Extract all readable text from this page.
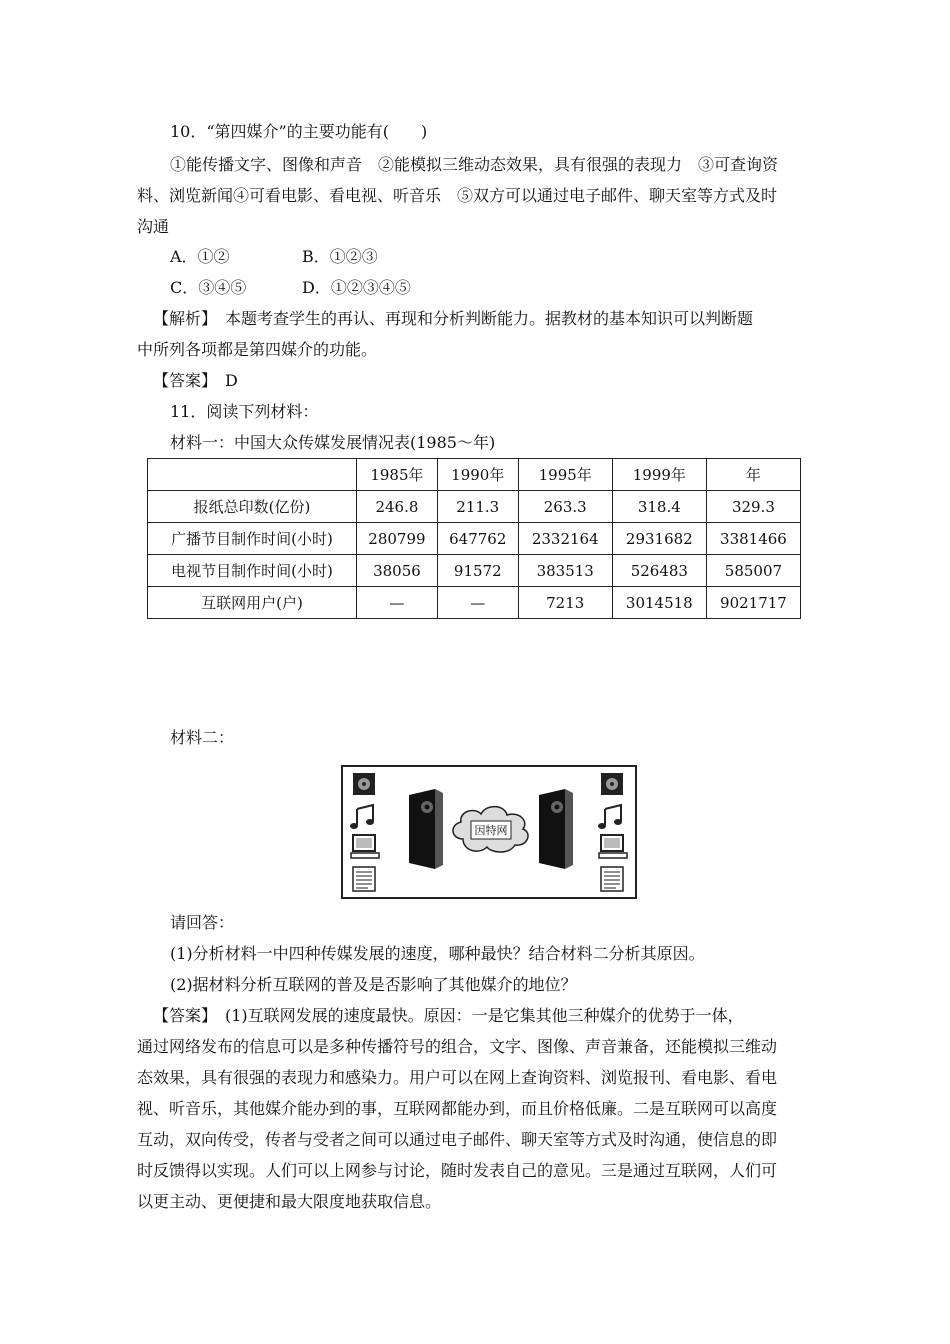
10．“第四媒介”的主要功能有(　　)
①能传播文字、图像和声音　②能模拟三维动态效果，具有很强的表现力　③可查询资
料、浏览新闻④可看电影、看电视、听音乐　⑤双方可以通过电子邮件、聊天室等方式及时
沟通
A．①②	B．①②③
C．③④⑤	D．①②③④⑤
【解析】　本题考查学生的再认、再现和分析判断能力。据教材的基本知识可以判断题
中所列各项都是第四媒介的功能。
【答案】　D
11．阅读下列材料：
材料一：中国大众传媒发展情况表(1985～年)
	1985年	1990年	1995年	1999年	年
报纸总印数(亿份)	246.8	211.3	263.3	318.4	329.3
广播节目制作时间(小时)	280799	647762	2332164	2931682	3381466
电视节目制作时间(小时)	38056	91572	383513	526483	585007
互联网用户(户)	—	—	7213	3014518	9021717
材料二：
因特网
请回答：
(1)分析材料一中四种传媒发展的速度，哪种最快？结合材料二分析其原因。
(2)据材料分析互联网的普及是否影响了其他媒介的地位？
【答案】　(1)互联网发展的速度最快。原因：一是它集其他三种媒介的优势于一体，
通过网络发布的信息可以是多种传播符号的组合，文字、图像、声音兼备，还能模拟三维动
态效果，具有很强的表现力和感染力。用户可以在网上查询资料、浏览报刊、看电影、看电
视、听音乐，其他媒介能办到的事，互联网都能办到，而且价格低廉。二是互联网可以高度
互动，双向传受，传者与受者之间可以通过电子邮件、聊天室等方式及时沟通，使信息的即
时反馈得以实现。人们可以上网参与讨论，随时发表自己的意见。三是通过互联网，人们可
以更主动、更便捷和最大限度地获取信息。
